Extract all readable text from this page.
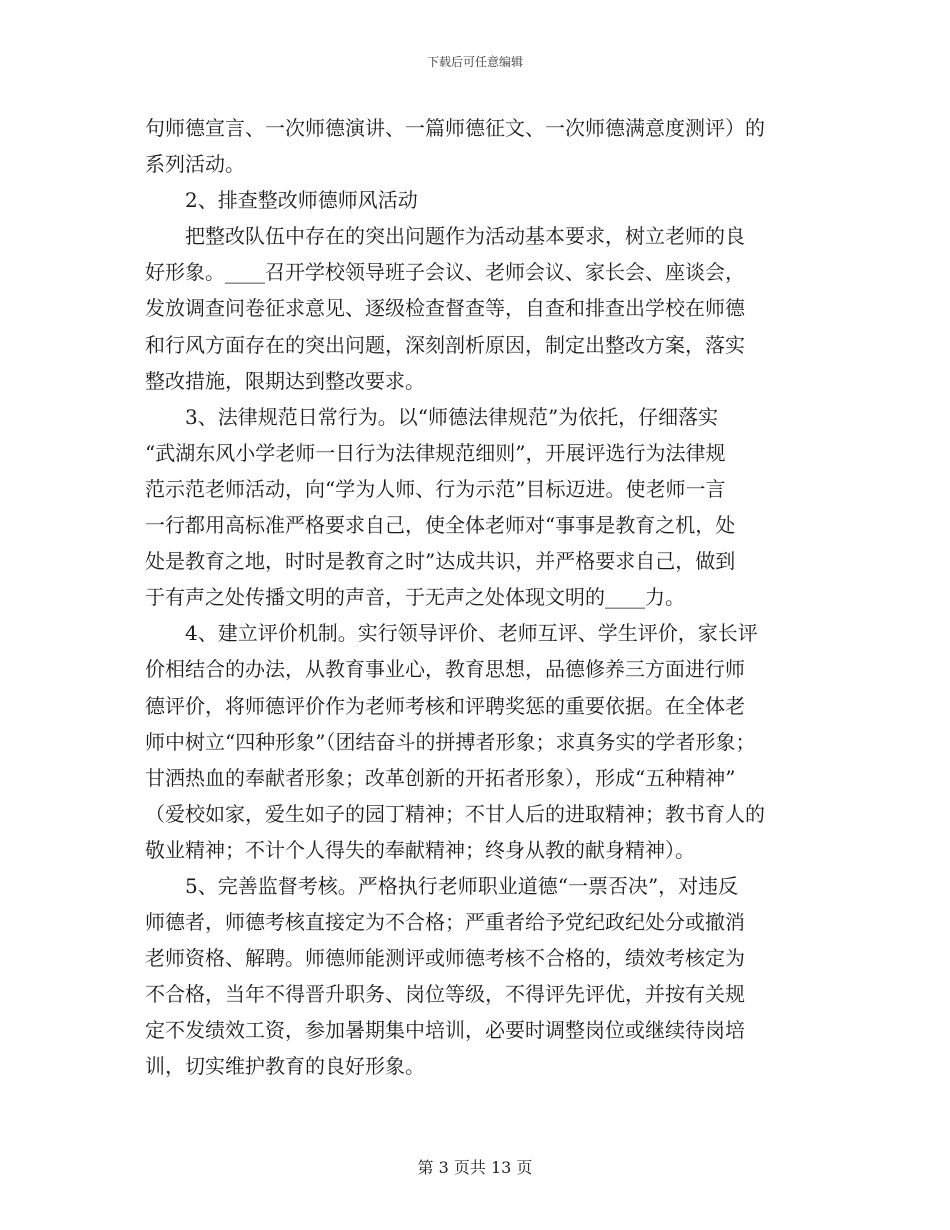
下载后可任意编辑
句师德宣言、一次师德演讲、一篇师德征文、一次师德满意度测评）的
系列活动。
2、排查整改师德师风活动
把整改队伍中存在的突出问题作为活动基本要求，树立老师的良
好形象。____召开学校领导班子会议、老师会议、家长会、座谈会，
发放调查问卷征求意见、逐级检查督查等，自查和排查出学校在师德
和行风方面存在的突出问题，深刻剖析原因，制定出整改方案，落实
整改措施，限期达到整改要求。
3、法律规范日常行为。以“师德法律规范”为依托，仔细落实
“武湖东风小学老师一日行为法律规范细则”，开展评选行为法律规
范示范老师活动，向“学为人师、行为示范”目标迈进。使老师一言
一行都用高标准严格要求自己，使全体老师对“事事是教育之机，处
处是教育之地，时时是教育之时”达成共识，并严格要求自己，做到
于有声之处传播文明的声音，于无声之处体现文明的____力。
4、建立评价机制。实行领导评价、老师互评、学生评价，家长评
价相结合的办法，从教育事业心，教育思想，品德修养三方面进行师
德评价，将师德评价作为老师考核和评聘奖惩的重要依据。在全体老
师中树立“四种形象”（团结奋斗的拼搏者形象；求真务实的学者形象；
甘洒热血的奉献者形象；改革创新的开拓者形象），形成“五种精神”
（爱校如家，爱生如子的园丁精神；不甘人后的进取精神；教书育人的
敬业精神；不计个人得失的奉献精神；终身从教的献身精神）。
5、完善监督考核。严格执行老师职业道德“一票否决”，对违反
师德者，师德考核直接定为不合格；严重者给予党纪政纪处分或撤消
老师资格、解聘。师德师能测评或师德考核不合格的，绩效考核定为
不合格，当年不得晋升职务、岗位等级，不得评先评优，并按有关规
定不发绩效工资，参加暑期集中培训，必要时调整岗位或继续待岗培
训，切实维护教育的良好形象。
第 3 页共 13 页
